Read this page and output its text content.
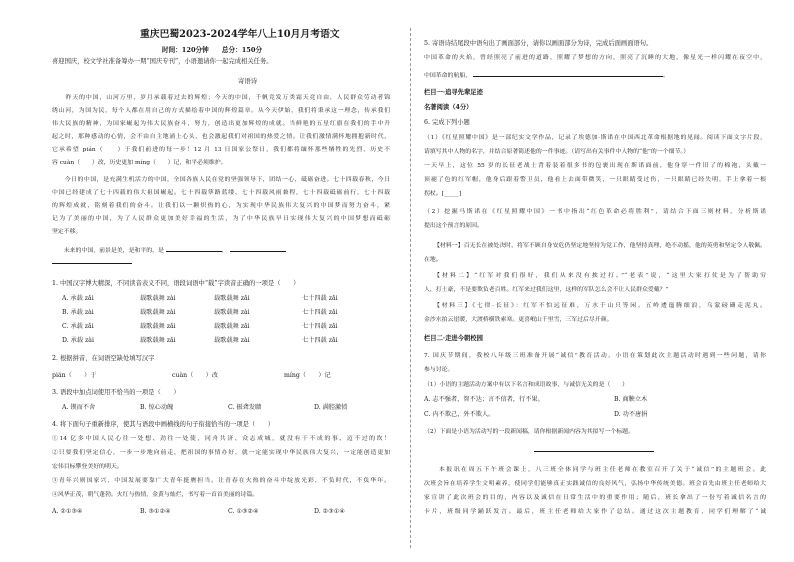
重庆巴蜀2023-2024学年八上10月月考语文
时间：120分钟　　总分：150分
喜迎国庆，校文学社准备筹办一期“国庆专刊”，小语邀请你一起完成相关任务。
寄语诗
　　昨天的中国，山河万里，岁月承载着过去的辉煌；今天的中国，千帆竞发万类霜天竞自由，人民群众劳动者锦
绣山河，为国为民，每个人都在用自己的方式描绘着中国的辉煌篇章。从今天伊始，我们将秉承这一理念，传承我们
伟大民族的精神，为国家崛起为伟大民族奋斗，努力，创造出更加辉煌的成就。当鲜艳的五星红旗在我们的手中升
起之时，那种感动的心情，会不由自主地涌上心头，也会激起我们对祖国的热爱之情。让我们激情满怀地拥抱新时代，
它承希望 pián（　　）于我们前进的每一步！12 月 13 日国家公祭日，我们都将缅怀那些牺牲的先烈，历史不
容 cuàn（　　）改，历史更加 míng（　　）记，和平必须维护。
　　今日的中国，是充满生机活力的中国，全国各族人民在党的坚强领导下，团结一心，砥砺奋进。七十四载春秋，今日
中国已经建成了七十四载的伟大祖国崛起。七十四载筚路蓝缕，七十四载风雨兼程，七十四载砥砺前行，七十四载
的辉煌成就，铭刻着我们的奋斗。让我们以一颗炽热的心，为实现中华民族伟大复兴的中国梦而努力奋斗，紧
记为了美丽的中国，为了人民群众更加美好幸福的生活，为了中华民族早日实现伟大复兴的中国梦想而砥砺
坚定不移。
　　未来的中国，前景是美，是和平的，是	，
1. 中国汉字博大精深，不同读音表义不同，语段词语中“载”字读音正确的一项是（　　）
A. 承载 zǎi	载歌载舞 zài	载歌载舞 zǎi	七十四载 zǎi
B. 承载 zài	载歌载舞 zài	载歌载舞 zài	七十四载 zǎi
C. 承载 zǎi	载歌载舞 zǎi	载歌载舞 zǎi	七十四载 zǎi
D. 承载 zài	载歌载舞 zǎi	载歌载舞 zài	七十四载 zǎi
2. 根据拼音，在词语空缺处填写汉字
pián（　　）于	cuàn（　　）改	míng（　　）记
3. 语段中加点词使用不恰当的一项是（　　）
A. 锲而不舍	B. 惊心动魄	C. 振聋发聩	D. 满腔激愤
4. 将下面句子重新排序，使其与语段中画横线的句子衔接恰当的一项是（　　）
①14 亿多中国人民心往一处想、劲往一处使，同舟共济、众志成城，就没有干不成的事、迈不过的坎！
②只要我们坚定信心，一步一步地向前走，把祖国的事情办好，就一定能实现中华民族伟大复兴，一定能创造更加
宏伟目标攀登美好的明天。
③青年兴则国家兴，中国发展要靠广大青年挺膺担当。让青春在火热的奋斗中绽放光彩，不负时代，不负华年。
④风华正茂，朝气蓬勃。火红与热情，金黄与灿烂，书写着一首首美丽的诗篇。
A. ②①③④	B. ③①②④	C. ①③②④	D. ②③①④
5. 寄语诗结尾段中语句出了画面部分，请你以画面部分为诗，完成后面画面语句。
中国革命的火焰，曾经照亮了前进的道路，照耀了梦想的方向，照亮了沉睡的大地，像星光一样闪耀在夜空中，
中国革命的航船，	。
栏目一·追寻先辈足迹
名著阅读（4分）
6. 完成下列小题
（1）《红星照耀中国》是一部纪实文学作品，记录了埃德加·斯诺在中国西北革命根据地的见闻。阅读下面文字片段，
请填写其中人物的名字，并结合原著简述他的一件事迹。（请写出有关事件中人物的“他”的一个细节。）
一天早上，这位 55 岁的长征老战士背着装着很多书的包裹出现在斯诺面前，他身穿一件旧了的棉袍，头戴一
顶褪了色的红军帽，他身后跟着警卫员，他看上去面带微笑，一只眼睛受过伤，一只眼睛已经失明，手上拿着一根
拐杖。[_____]
（2）挖掘马斯诺在《红星照耀中国》一书中指出“红色革命必将胜利”，请结合下面三则材料，分析斯诺
提出这个预言的原因。
【材料一】百无长在被处决时，将军不顾自身安危仍坚定地坚持为党工作，他坚持真理，绝不动摇，他的英勇和坚定令人敬佩。
在地。
【材料二】“红军对我们很好，我们从来没有挨过打。”“老表”说，“这里大家打仗是为了帮助穷
人，打土豪，不是要欺负老百姓。红军来过我们这里，这样的军队怎么会不让人民群众爱戴？”
【材料三】《七律·长征》：红军不怕远征难，万水千山只等闲。五岭逶迤腾细浪，乌蒙磅礴走泥丸。
金沙水拍云崖暖，大渡桥横铁索寒。更喜岷山千里雪，三军过后尽开颜。
栏目二·走进今朝校园
7. 国庆节期间，我校八年级三班准备开展“诚信”教育活动，小语在策划此次主题活动时遇到一些问题，请你
参与讨论。
（1）小语的主题活动方案中有以下名言和成语故事，与诚信无关的是（　　）
A. 志不强者，智不达；言不信者，行不果。	B. 商鞅立木
C. 内不欺己，外不欺人。	D. 功不唐捐
（2）下面是小语为活动写的一段新闻稿，请你根据新闻内容为其拟写一个标题。
　　本报讯在周五下午班会课上，八三班全体同学与班主任老师在教室召开了关于“诚信”的主题班会。此
次班会旨在培养学生文明素养，使同学们能够真正实践诚信的良好风气，弘扬中华传统美德。班会首先由班主任老师给大
家宣讲了此次班会的目的，内容以及诚信在日常生活中的重要作用；随后，班长拿出了一份写着诚信名言的
卡片，班级同学踊跃发言。最后，班主任老师给大家作了总结。通过这次主题教育，同学们理解了“诚
